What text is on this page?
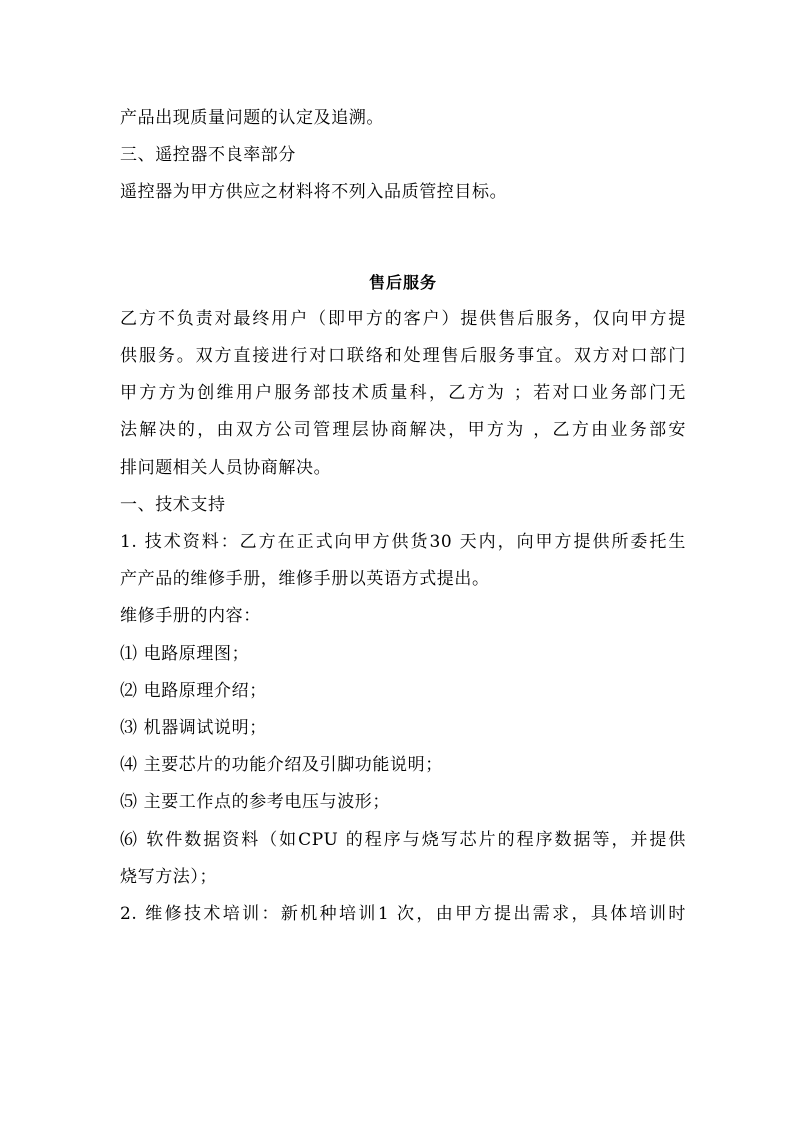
产品出现质量问题的认定及追溯。
三、遥控器不良率部分
遥控器为甲方供应之材料将不列入品质管控目标。
售后服务
乙方不负责对最终用户（即甲方的客户）提供售后服务，仅向甲方提
供服务。双方直接进行对口联络和处理售后服务事宜。双方对口部门
甲方方为创维用户服务部技术质量科，乙方为 ；若对口业务部门无
法解决的，由双方公司管理层协商解决，甲方为 ，乙方由业务部安
排问题相关人员协商解决。
一、技术支持
1. 技术资料：乙方在正式向甲方供货30 天内，向甲方提供所委托生
产产品的维修手册，维修手册以英语方式提出。
维修手册的内容：
⑴ 电路原理图；
⑵ 电路原理介绍；
⑶ 机器调试说明；
⑷ 主要芯片的功能介绍及引脚功能说明；
⑸ 主要工作点的参考电压与波形；
⑹ 软件数据资料（如CPU 的程序与烧写芯片的程序数据等，并提供
烧写方法）；
2. 维修技术培训：新机种培训1 次，由甲方提出需求，具体培训时
